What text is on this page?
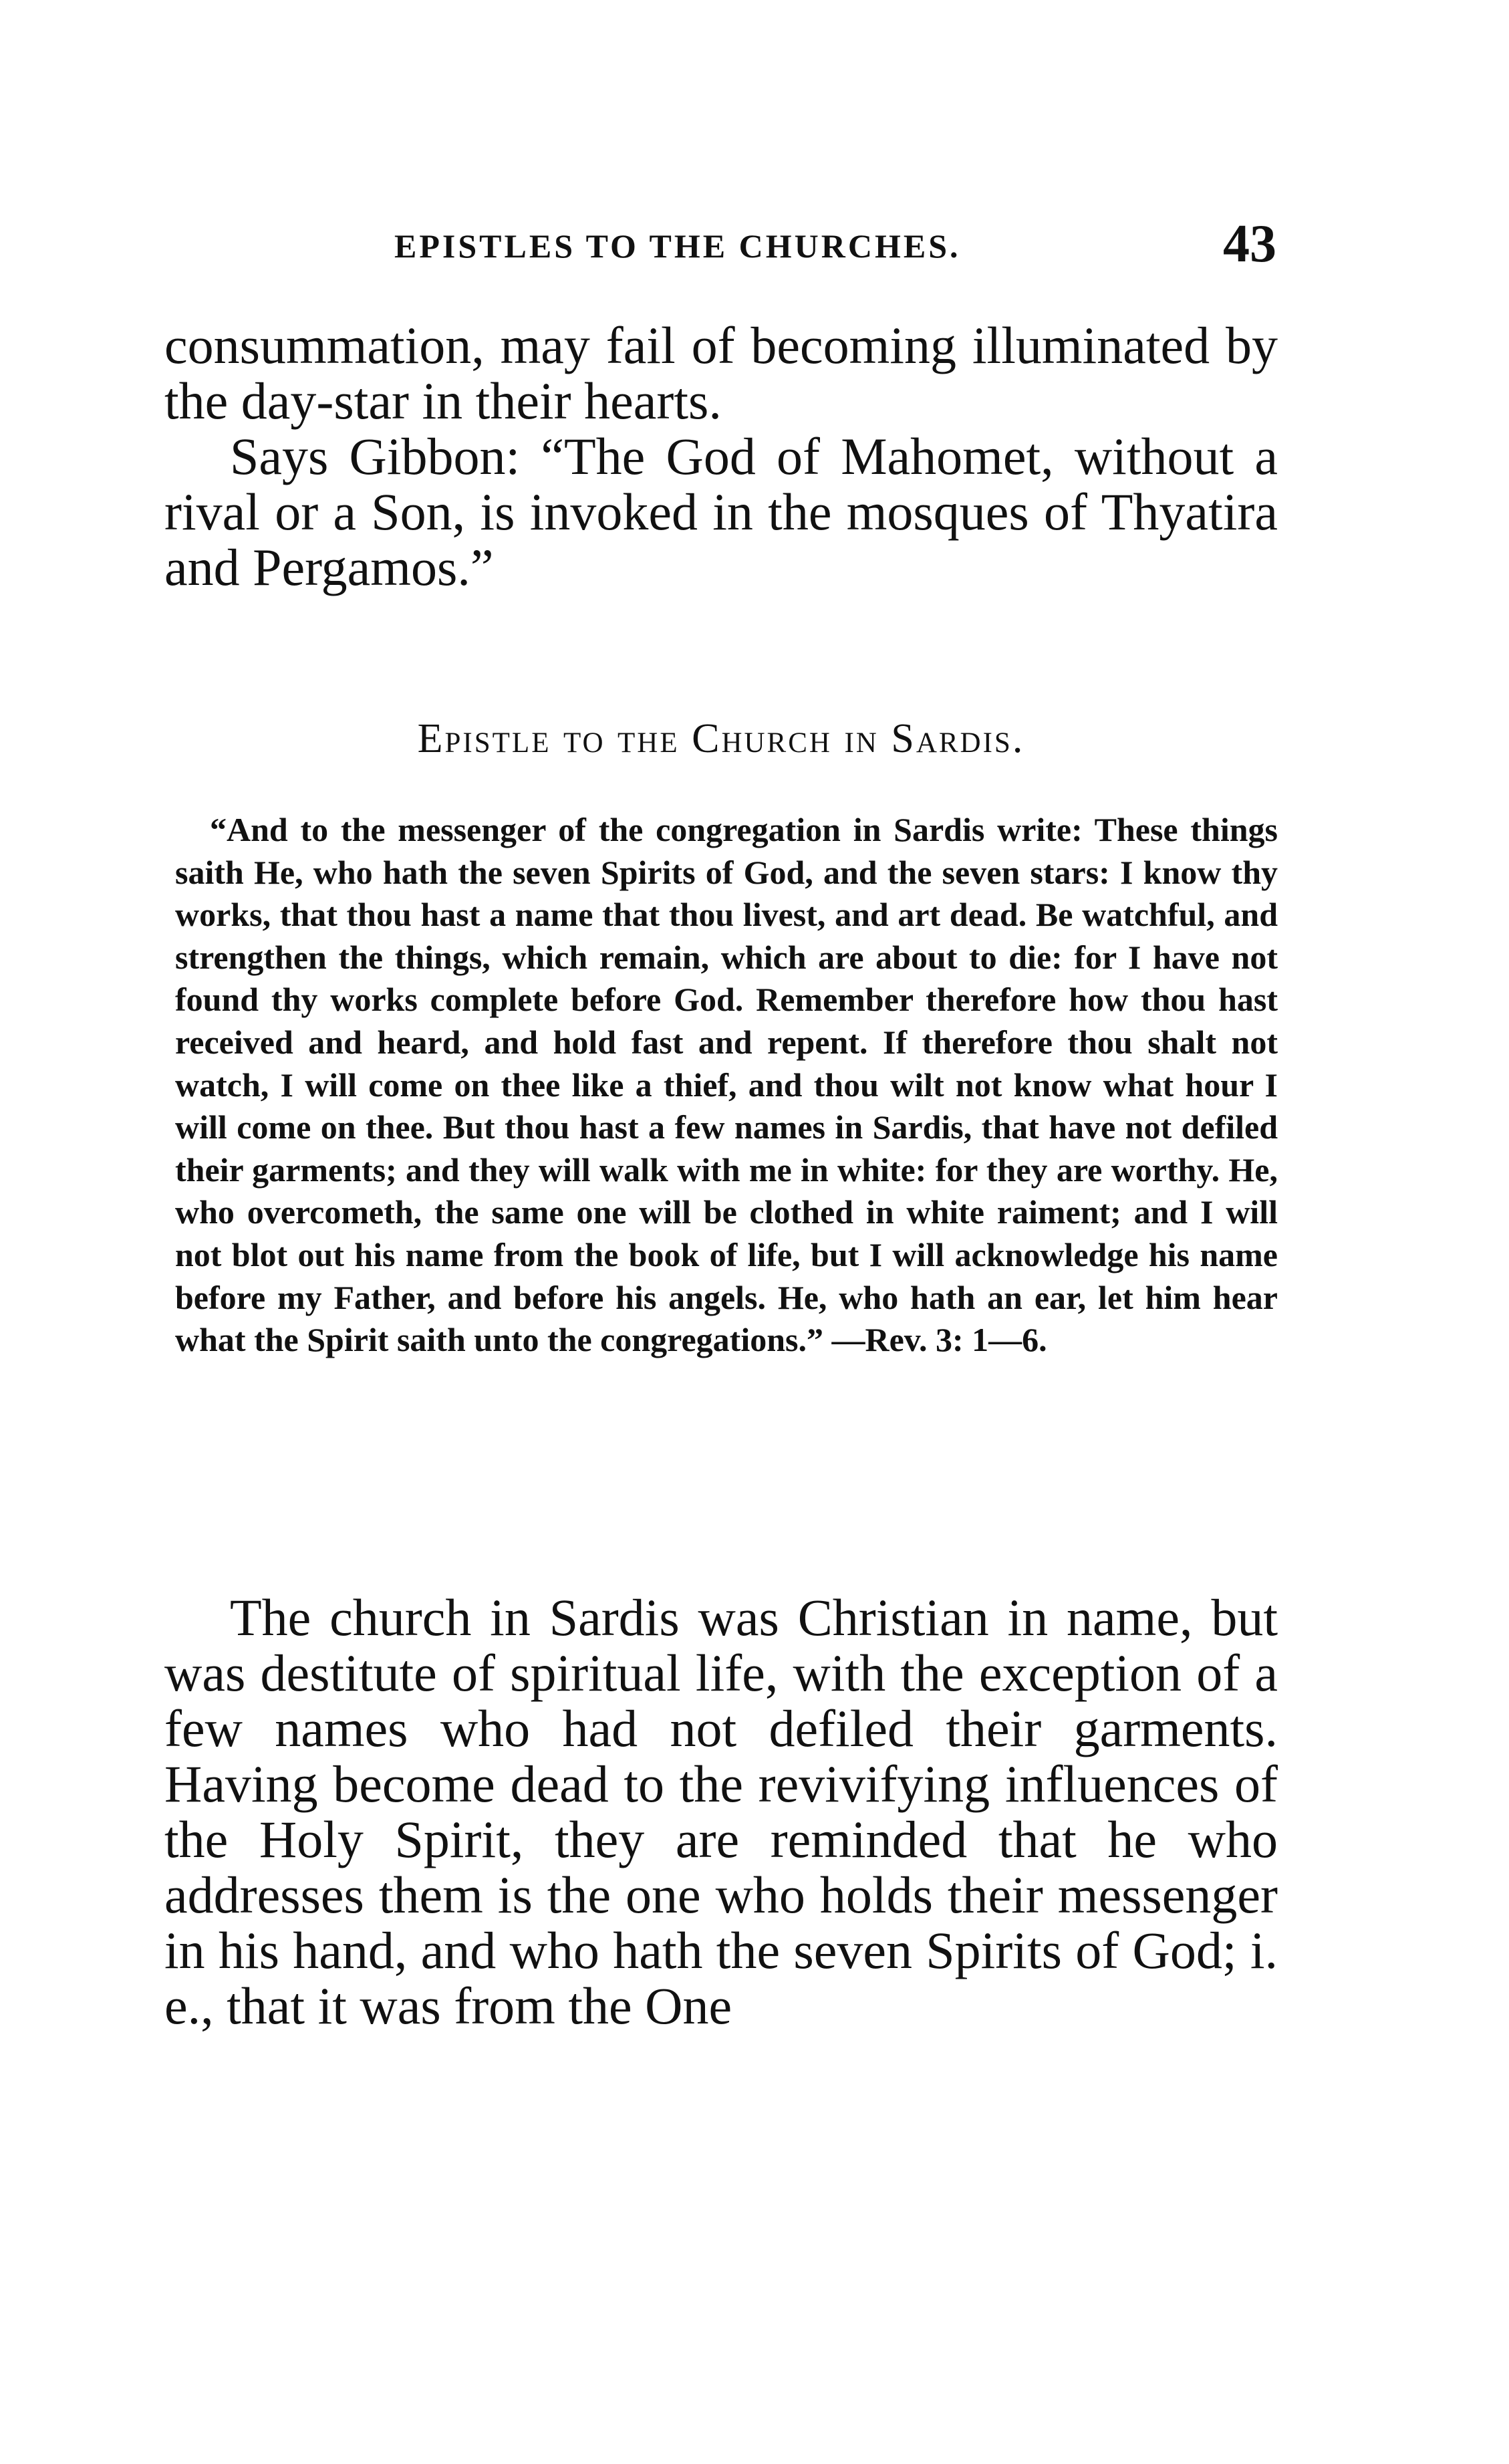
EPISTLES TO THE CHURCHES.	43

consummation, may fail of becoming illuminated by the day-star in their hearts.

Says Gibbon: “The God of Mahomet, without a rival or a Son, is invoked in the mosques of Thyatira and Pergamos.”

Epistle to the Church in Sardis.

“And to the messenger of the congregation in Sardis write: These things saith He, who hath the seven Spirits of God, and the seven stars: I know thy works, that thou hast a name that thou livest, and art dead. Be watchful, and strengthen the things, which remain, which are about to die: for I have not found thy works complete before God. Remember therefore how thou hast received and heard, and hold fast and repent. If therefore thou shalt not watch, I will come on thee like a thief, and thou wilt not know what hour I will come on thee. But thou hast a few names in Sardis, that have not defiled their garments; and they will walk with me in white: for they are worthy. He, who overcometh, the same one will be clothed in white raiment; and I will not blot out his name from the book of life, but I will acknowledge his name before my Father, and before his angels. He, who hath an ear, let him hear what the Spirit saith unto the congregations.” —Rev. 3: 1—6.

The church in Sardis was Christian in name, but was destitute of spiritual life, with the exception of a few names who had not defiled their garments. Having become dead to the revivifying influences of the Holy Spirit, they are reminded that he who addresses them is the one who holds their messenger in his hand, and who hath the seven Spirits of God; i. e., that it was from the One
